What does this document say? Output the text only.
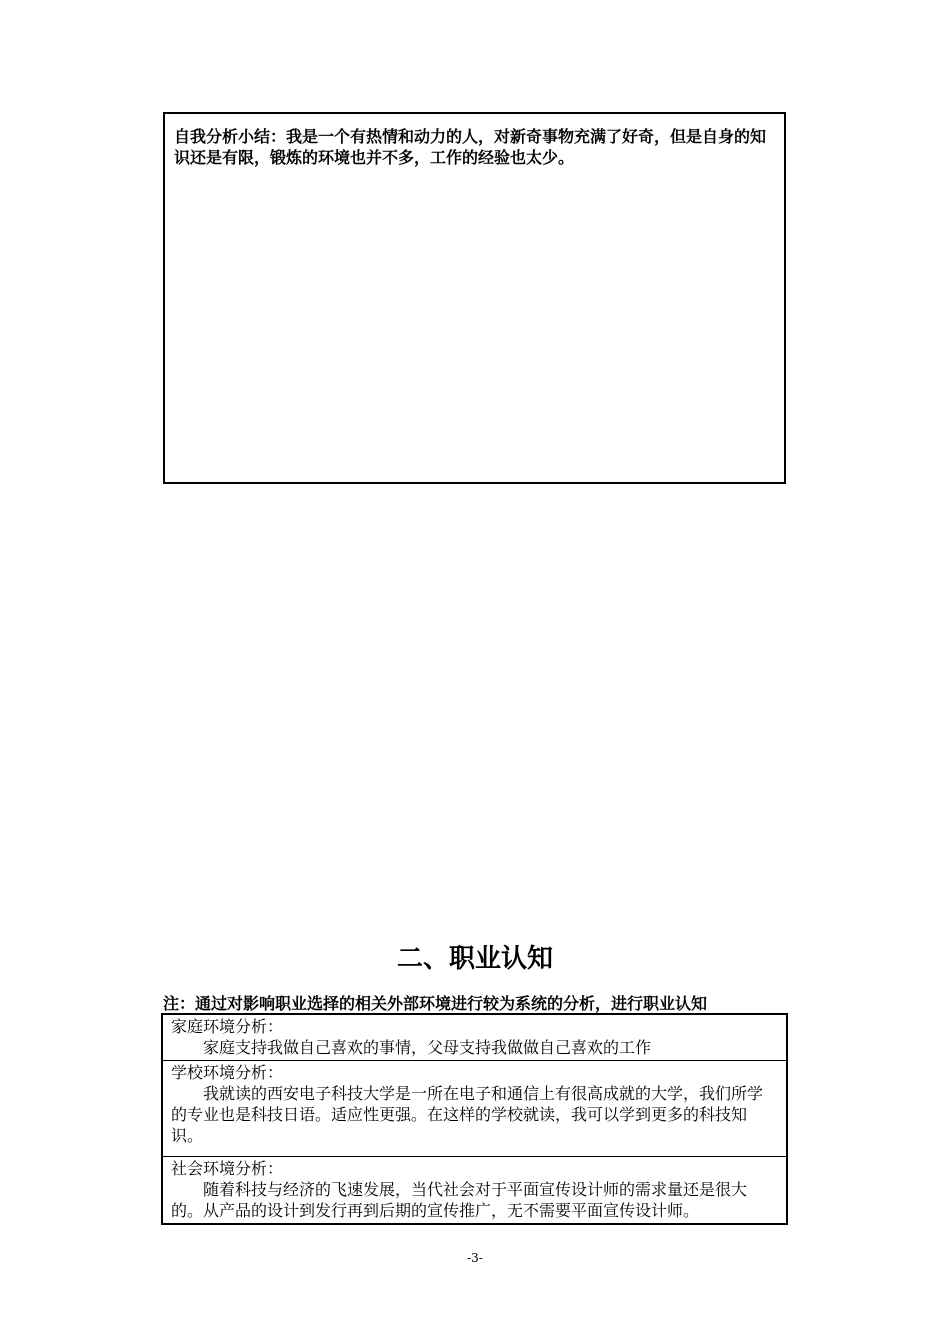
自我分析小结：我是一个有热情和动力的人，对新奇事物充满了好奇，但是自身的知识还是有限，锻炼的环境也并不多，工作的经验也太少。

二、职业认知

注：通过对影响职业选择的相关外部环境进行较为系统的分析，进行职业认知

家庭环境分析：

家庭支持我做自己喜欢的事情，父母支持我做做自己喜欢的工作

学校环境分析：

我就读的西安电子科技大学是一所在电子和通信上有很高成就的大学，我们所学的专业也是科技日语。适应性更强。在这样的学校就读，我可以学到更多的科技知识。

社会环境分析：

随着科技与经济的飞速发展，当代社会对于平面宣传设计师的需求量还是很大的。从产品的设计到发行再到后期的宣传推广，无不需要平面宣传设计师。

-3-
